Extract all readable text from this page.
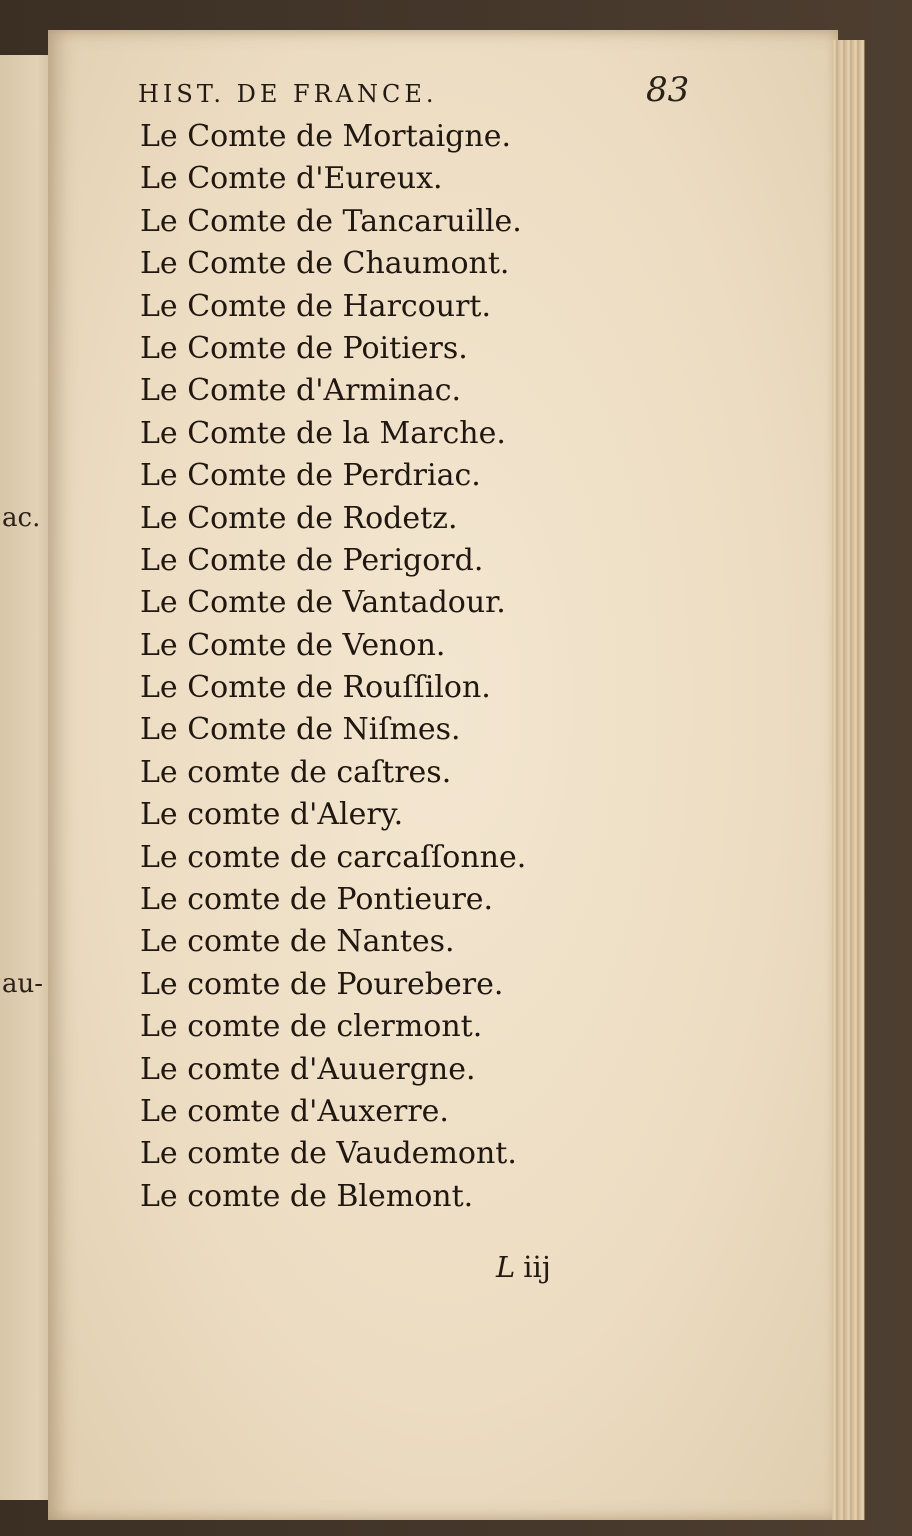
ac.
au-
HIST. DE FRANCE.	83
Le Comte de Mortaigne.
Le Comte d'Eureux.
Le Comte de Tancaruille.
Le Comte de Chaumont.
Le Comte de Harcourt.
Le Comte de Poitiers.
Le Comte d'Arminac.
Le Comte de la Marche.
Le Comte de Perdriac.
Le Comte de Rodetz.
Le Comte de Perigord.
Le Comte de Vantadour.
Le Comte de Venon.
Le Comte de Rouſſilon.
Le Comte de Niſmes.
Le comte de caſtres.
Le comte d'Alery.
Le comte de carcaſſonne.
Le comte de Pontieure.
Le comte de Nantes.
Le comte de Pourebere.
Le comte de clermont.
Le comte d'Auuergne.
Le comte d'Auxerre.
Le comte de Vaudemont.
Le comte de Blemont.
L iij
